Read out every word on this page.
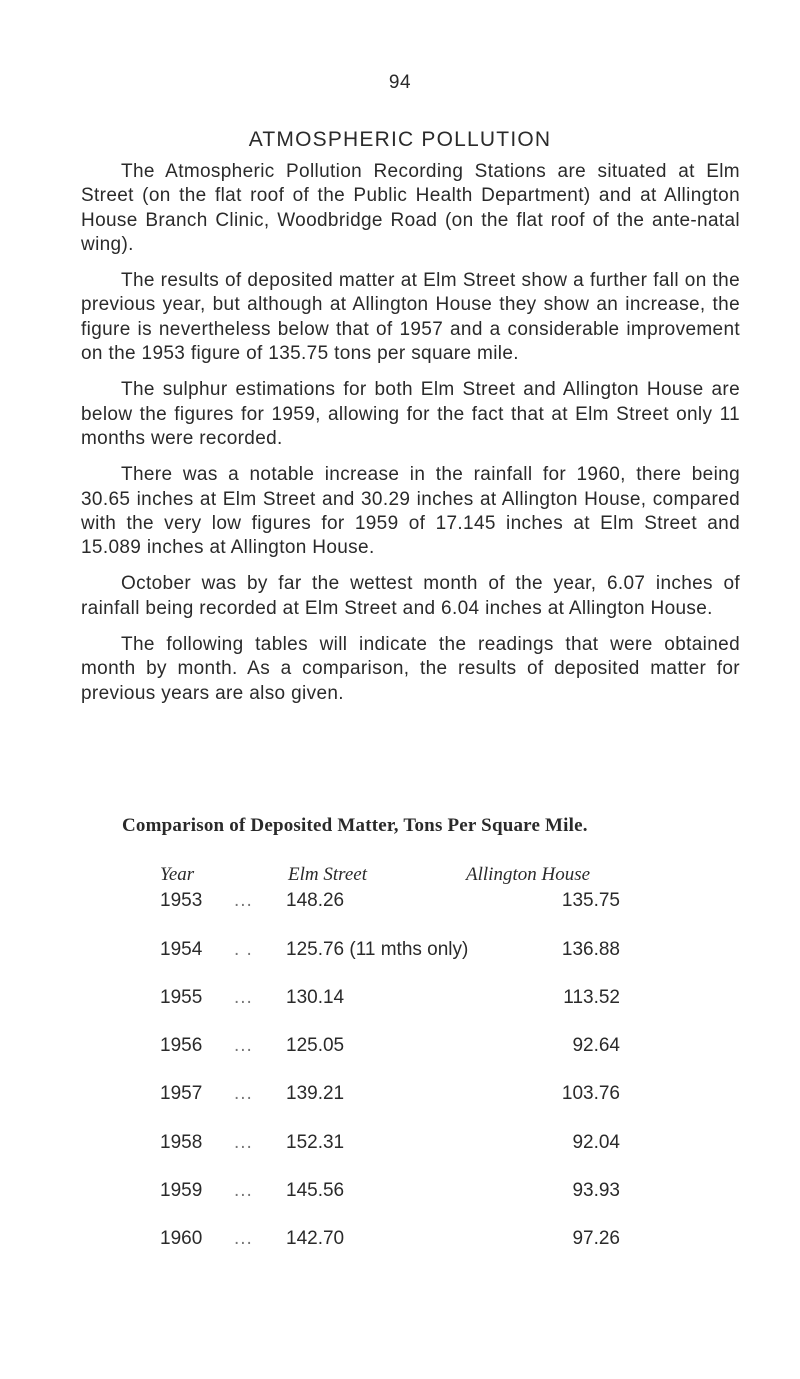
94
ATMOSPHERIC POLLUTION

The Atmospheric Pollution Recording Stations are situated at Elm Street (on the flat roof of the Public Health Department) and at Allington House Branch Clinic, Woodbridge Road (on the flat roof of the ante-natal wing).

The results of deposited matter at Elm Street show a further fall on the previous year, but although at Allington House they show an increase, the figure is nevertheless below that of 1957 and a considerable improvement on the 1953 figure of 135.75 tons per square mile.

The sulphur estimations for both Elm Street and Allington House are below the figures for 1959, allowing for the fact that at Elm Street only 11 months were recorded.

There was a notable increase in the rainfall for 1960, there being 30.65 inches at Elm Street and 30.29 inches at Allington House, compared with the very low figures for 1959 of 17.145 inches at Elm Street and 15.089 inches at Allington House.

October was by far the wettest month of the year, 6.07 inches of rainfall being recorded at Elm Street and 6.04 inches at Allington House.

The following tables will indicate the readings that were obtained month by month. As a comparison, the results of deposited matter for previous years are also given.

Comparison of Deposited Matter, Tons Per Square Mile.
Year	Elm Street	Allington House
1953 ... 148.26	135.75
1954 . . 125.76 (11 mths only)	136.88
1955 ... 130.14	113.52
1956 ... 125.05	92.64
1957 ... 139.21	103.76
1958 ... 152.31	92.04
1959 ... 145.56	93.93
1960 ... 142.70	97.26
